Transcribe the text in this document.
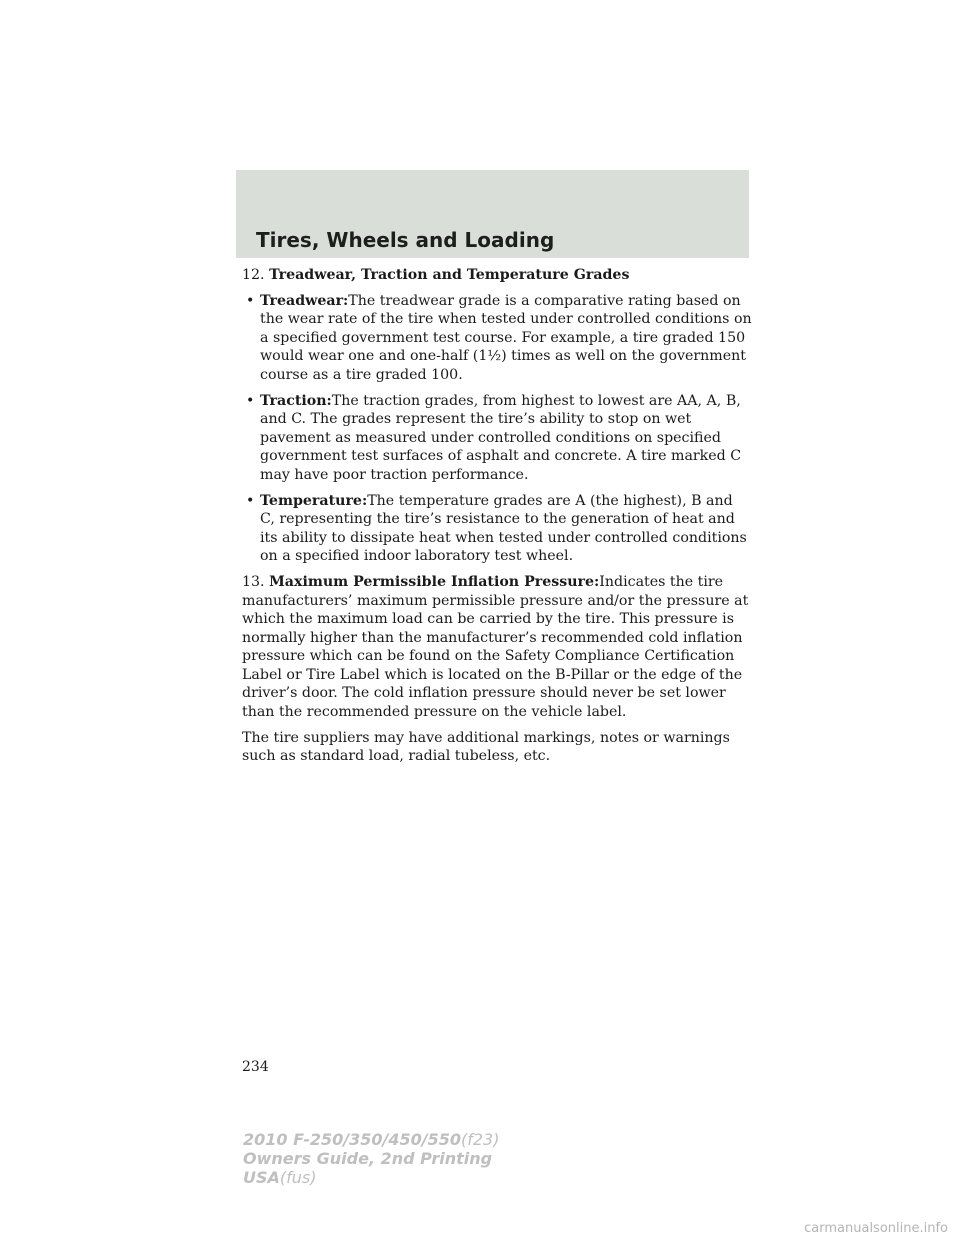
Tires, Wheels and Loading

12. Treadwear, Traction and Temperature Grades

• Treadwear:The treadwear grade is a comparative rating based on the wear rate of the tire when tested under controlled conditions on a specified government test course. For example, a tire graded 150 would wear one and one-half (1½) times as well on the government course as a tire graded 100.
• Traction:The traction grades, from highest to lowest are AA, A, B, and C. The grades represent the tire’s ability to stop on wet pavement as measured under controlled conditions on specified government test surfaces of asphalt and concrete. A tire marked C may have poor traction performance.
• Temperature:The temperature grades are A (the highest), B and C, representing the tire’s resistance to the generation of heat and its ability to dissipate heat when tested under controlled conditions on a specified indoor laboratory test wheel.

13. Maximum Permissible Inflation Pressure:Indicates the tire manufacturers’ maximum permissible pressure and/or the pressure at which the maximum load can be carried by the tire. This pressure is normally higher than the manufacturer’s recommended cold inflation pressure which can be found on the Safety Compliance Certification Label or Tire Label which is located on the B-Pillar or the edge of the driver’s door. The cold inflation pressure should never be set lower than the recommended pressure on the vehicle label.

The tire suppliers may have additional markings, notes or warnings such as standard load, radial tubeless, etc.

234
2010 F-250/350/450/550(f23)
Owners Guide, 2nd Printing
USA(fus)
carmanualsonline.info
